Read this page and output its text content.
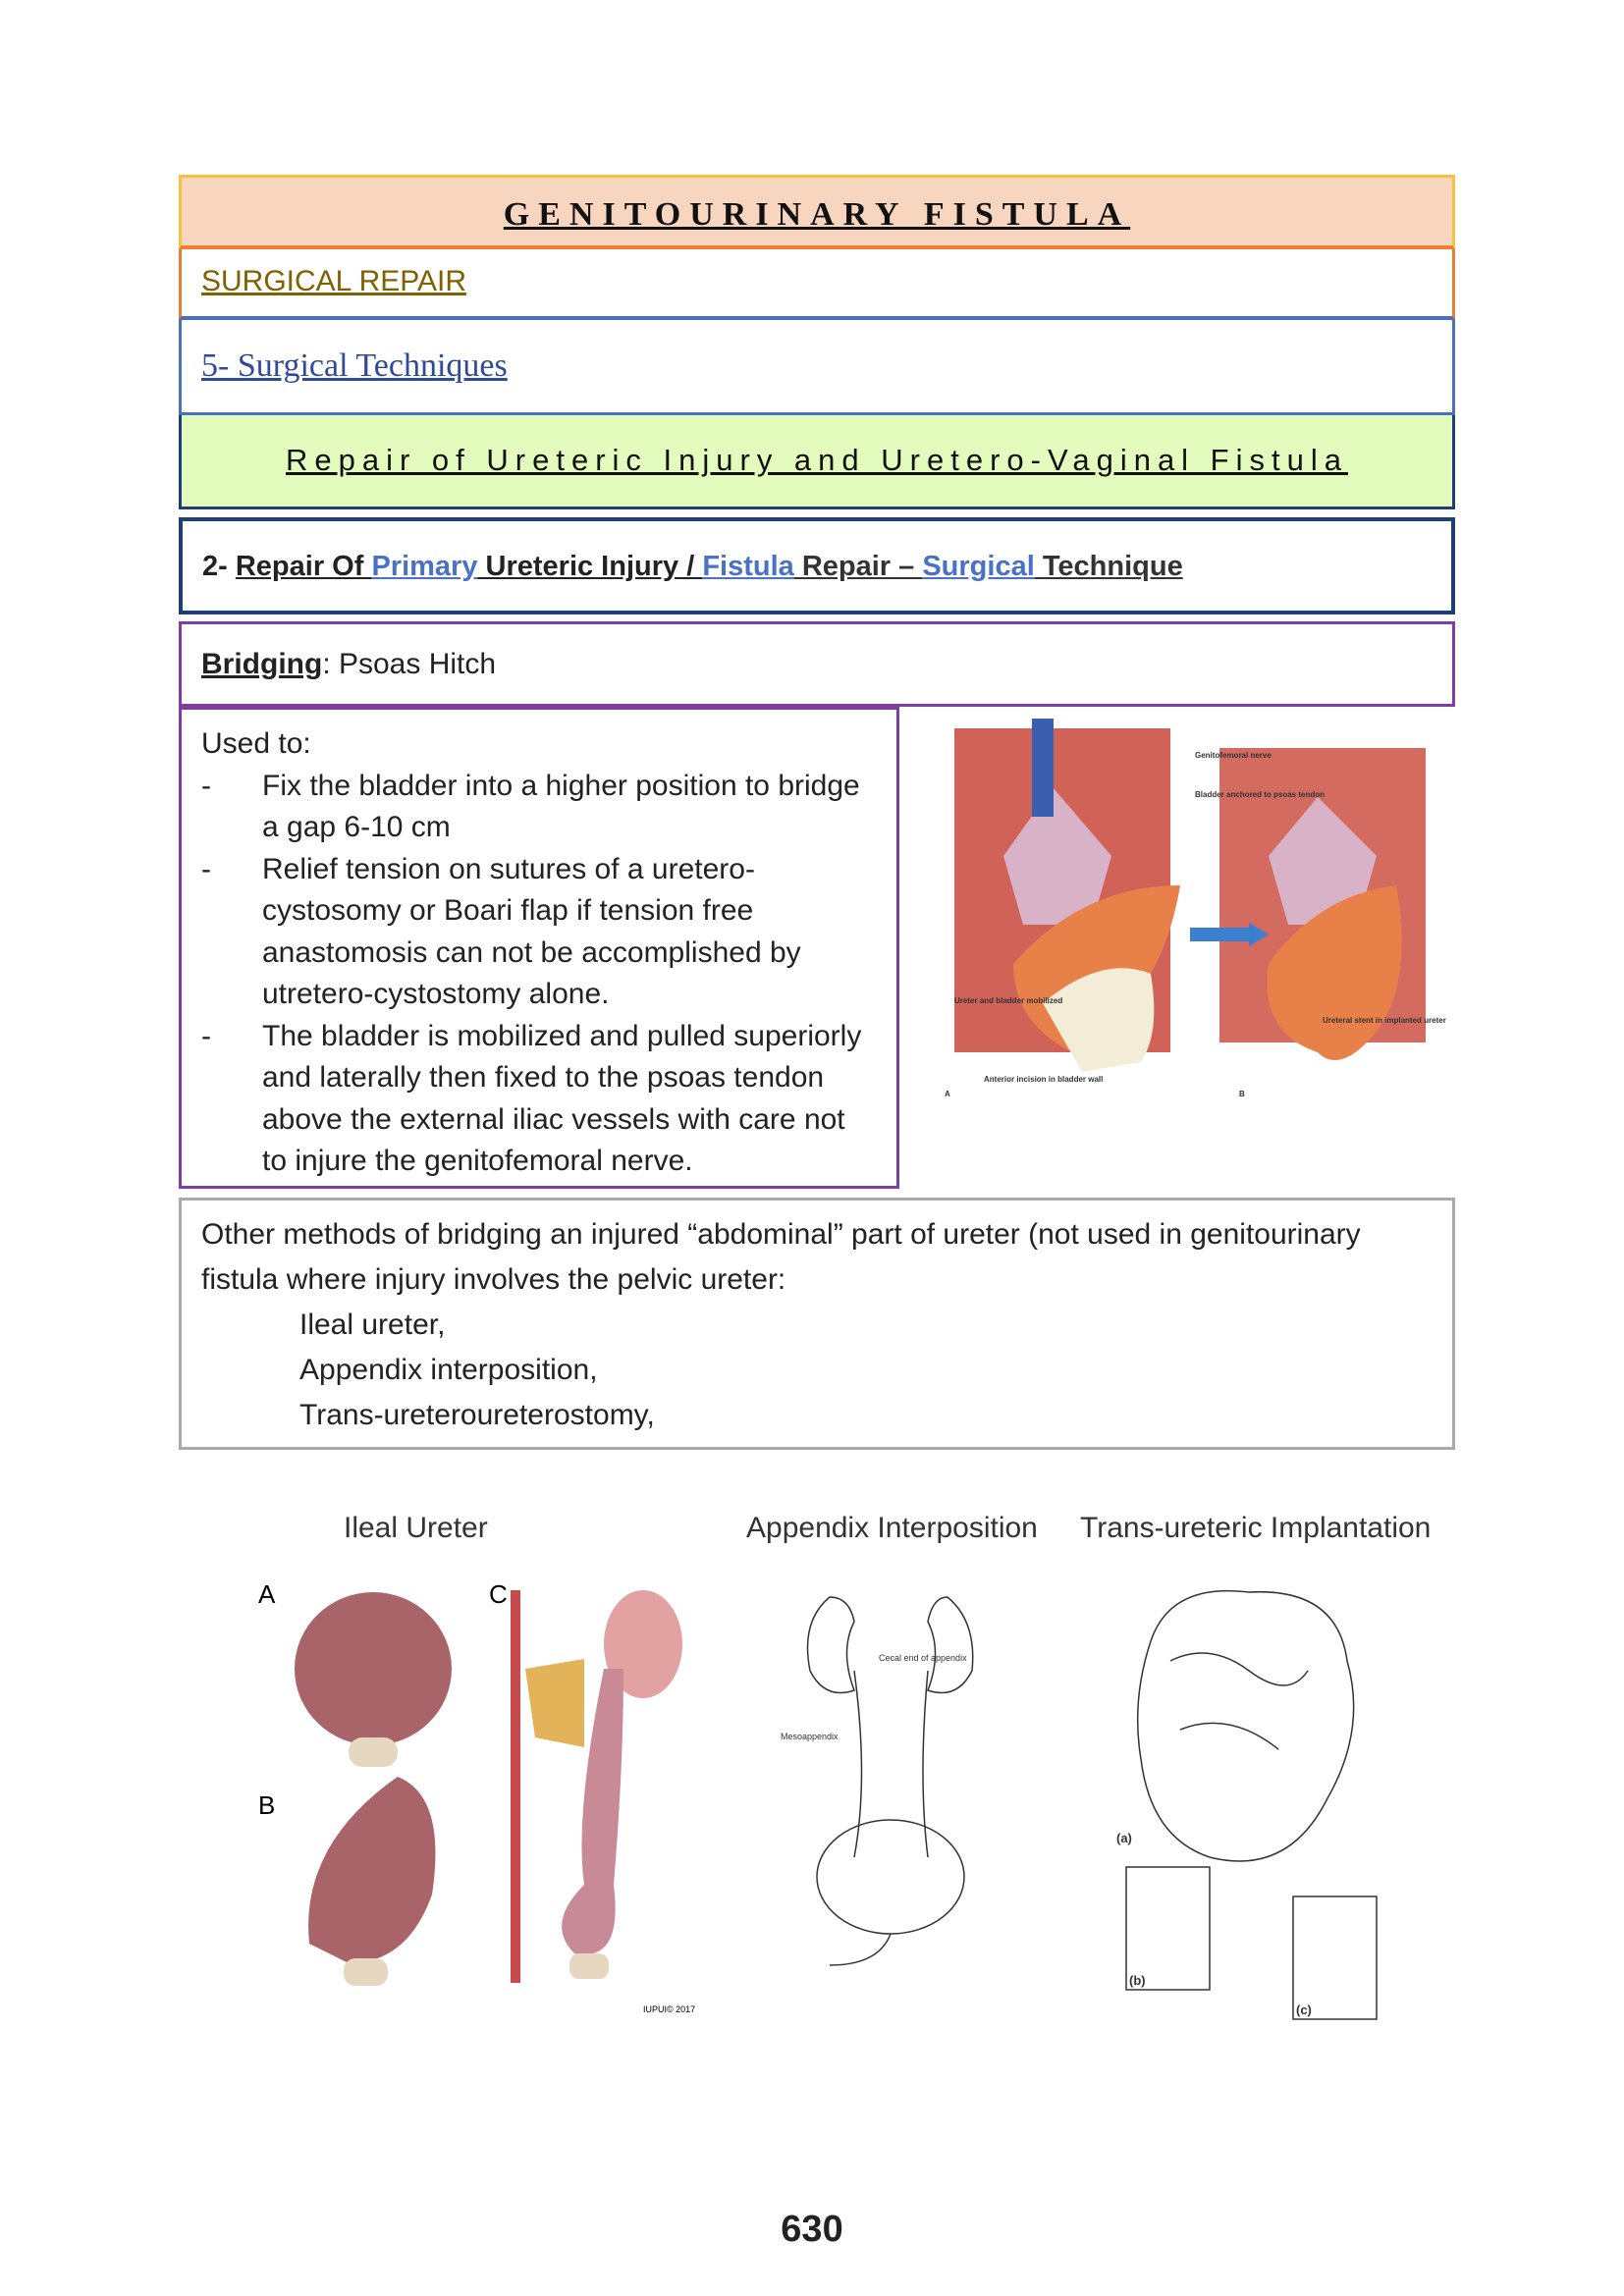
GENITOURINARY FISTULA
SURGICAL REPAIR
5- Surgical Techniques
Repair of Ureteric Injury and Uretero-Vaginal Fistula
2- Repair Of Primary Ureteric Injury / Fistula Repair – Surgical Technique
Bridging: Psoas Hitch
Used to:
-	Fix the bladder into a higher position to bridge a gap 6-10 cm
-	Relief tension on sutures of a uretero-cystosomy or Boari flap if tension free anastomosis can not be accomplished by utretero-cystostomy alone.
-	The bladder is mobilized and pulled superiorly and laterally then fixed to the psoas tendon above the external iliac vessels with care not to injure the genitofemoral nerve.
Genitofemoral nerve
Bladder anchored to psoas tendon
Ureter and bladder mobilized
Anterior incision in bladder wall
Ureteral stent in implanted ureter
A	B
Other methods of bridging an injured “abdominal” part of ureter (not used in genitourinary fistula where injury involves the pelvic ureter:
Ileal ureter,
Appendix interposition,
Trans-ureteroureterostomy,
Ileal Ureter	Appendix Interposition Trans-ureteric Implantation
A
B
C
IUPUI© 2017
Cecal end of appendix
Mesoappendix
(a)
(b)
(c)
630
